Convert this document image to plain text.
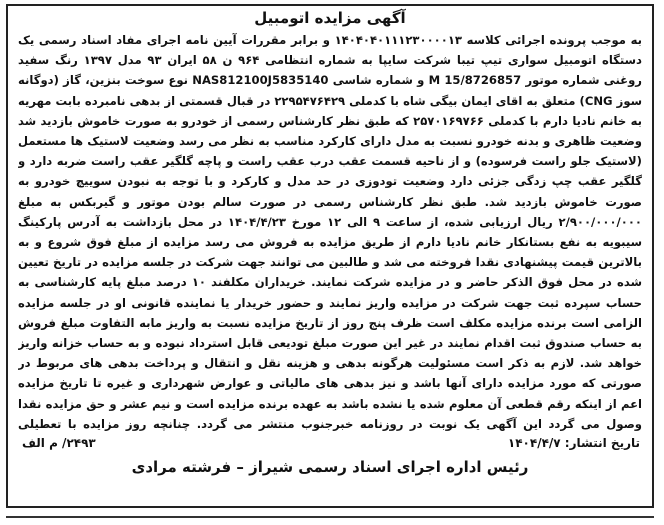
آگهی مزایده اتومبیل
به موجب پرونده اجرائی کلاسه ۱۴۰۴۰۴۰۱۱۱۲۳۰۰۰۰۱۳ و برابر مقررات آیین نامه اجرای مفاد اسناد رسمی یک دستگاه اتومبیل سواری تیپ تیبا شرکت سایپا به شماره انتظامی ۹۶۴ ن ۵۸ ایران ۹۳ مدل ۱۳۹۷ رنگ سفید روغنی شماره موتور M 15/8726857 و شماره شاسی NAS812100J5835140 نوع سوخت بنزین، گاز (دوگانه سوز CNG) متعلق به اقای ایمان بیگی شاه با کدملی ۲۲۹۵۴۷۶۴۲۹ در قبال قسمتی از بدهی نامبرده بابت مهریه به خانم نادیا دارم با کدملی ۲۵۷۰۱۶۹۷۶۶ که طبق نظر کارشناس رسمی از خودرو به صورت خاموش بازدید شد وضعیت ظاهری و بدنه خودرو نسبت به مدل دارای کارکرد مناسب به نظر می رسد وضعیت لاستیک ها مستعمل (لاستیک جلو راست فرسوده) و از ناحیه قسمت عقب درب عقب راست و پاچه گلگیر عقب راست ضربه دارد و گلگیر عقب چپ زدگی جزئی دارد وضعیت تودوزی در حد مدل و کارکرد و با توجه به نبودن سوییچ خودرو به صورت خاموش بازدید شد. طبق نظر کارشناس رسمی در صورت سالم بودن موتور و گیربکس به مبلغ ۲/۹۰۰/۰۰۰/۰۰۰ ریال ارزیابی شده، از ساعت ۹ الی ۱۲ مورخ ۱۴۰۴/۴/۲۳ در محل بازداشت به آدرس پارکینگ سیبویه به نفع بستانکار خانم نادیا دارم از طریق مزایده به فروش می رسد مزایده از مبلغ فوق شروع و به بالاترین قیمت پیشنهادی نقدا فروخته می شد و طالبین می توانند جهت شرکت در جلسه مزایده در تاریخ تعیین شده در محل فوق الذکر حاضر و در مزایده شرکت نمایند. خریداران مکلفند ۱۰ درصد مبلغ پایه کارشناسی به حساب سپرده ثبت جهت شرکت در مزایده واریز نمایند و حضور خریدار یا نماینده قانونی او در جلسه مزایده الزامی است برنده مزایده مکلف است ظرف پنج روز از تاریخ مزایده نسبت به واریز مابه التفاوت مبلغ فروش به حساب صندوق ثبت اقدام نمایند در غیر این صورت مبلغ تودیعی قابل استرداد نبوده و به حساب خزانه واریز خواهد شد. لازم به ذکر است مسئولیت هرگونه بدهی و هزینه نقل و انتقال و پرداخت بدهی های مربوط در صورتی که مورد مزایده دارای آنها باشد و نیز بدهی های مالیاتی و عوارض شهرداری و غیره تا تاریخ مزایده اعم از اینکه رقم قطعی آن معلوم شده یا نشده باشد به عهده برنده مزایده است و نیم عشر و حق مزایده نقدا وصول می گردد این آگهی یک نوبت در روزنامه خبرجنوب منتشر می گردد. چنانچه روز مزایده با تعطیلی
تاریخ انتشار: ۱۴۰۴/۴/۷
۲۴۹۳/ م الف
رئیس اداره اجرای اسناد رسمی شیراز – فرشته مرادی
